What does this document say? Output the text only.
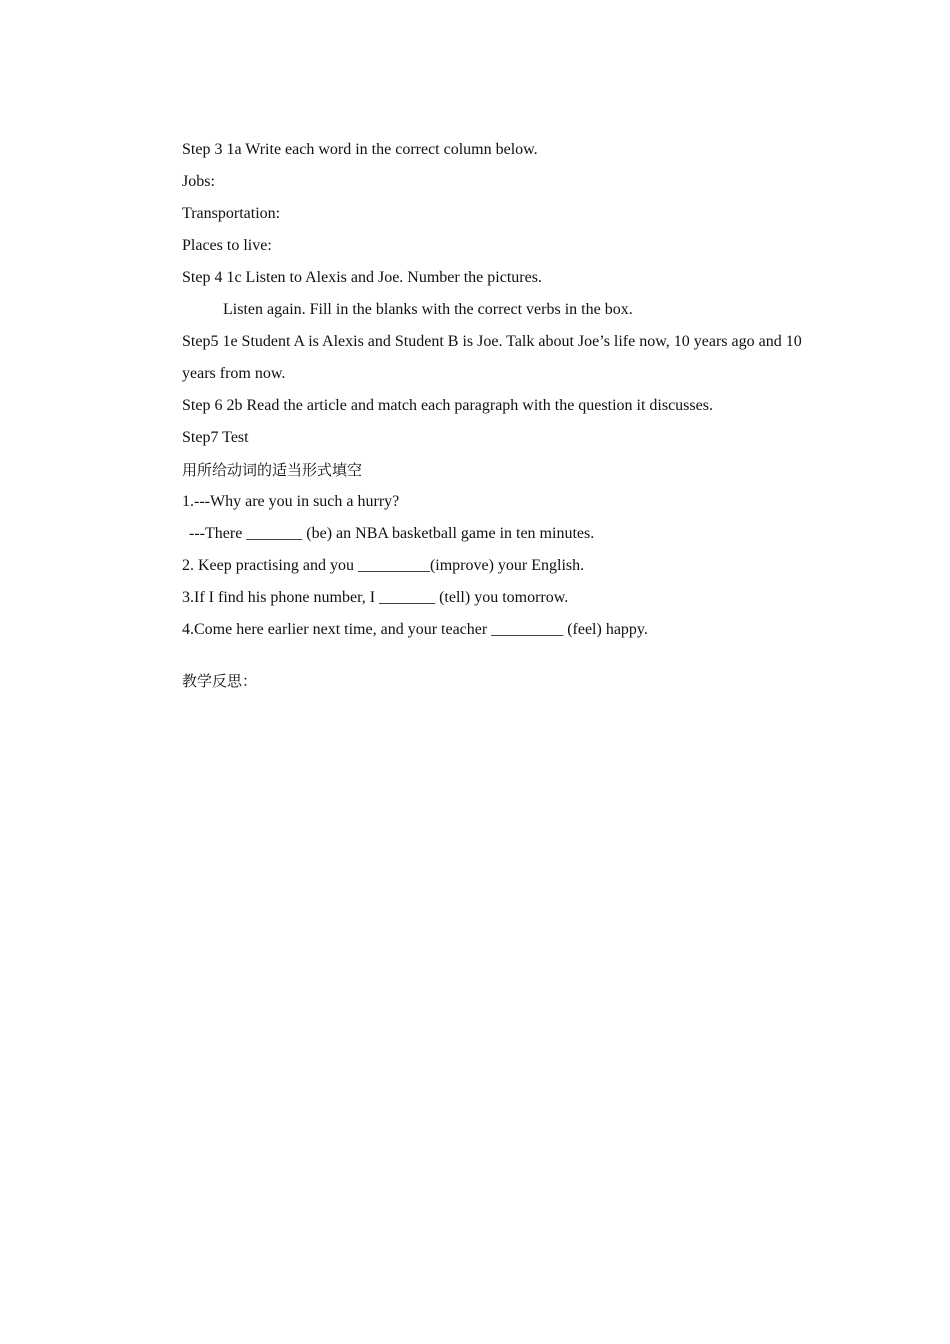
Step 3 1a Write each word in the correct column below.
Jobs:
Transportation:
Places to live:
Step 4 1c Listen to Alexis and Joe. Number the pictures.
Listen again. Fill in the blanks with the correct verbs in the box.
Step5 1e Student A is Alexis and Student B is Joe. Talk about Joe’s life now, 10 years ago and 10 years from now.
Step 6 2b Read the article and match each paragraph with the question it discusses.
Step7 Test
用所给动词的适当形式填空
1.---Why are you in such a hurry?
---There _______ (be) an NBA basketball game in ten minutes.
2. Keep practising and you _________(improve) your English.
3.If I find his phone number, I _______ (tell) you tomorrow.
4.Come here earlier next time, and your teacher _________ (feel) happy.
教学反思：
